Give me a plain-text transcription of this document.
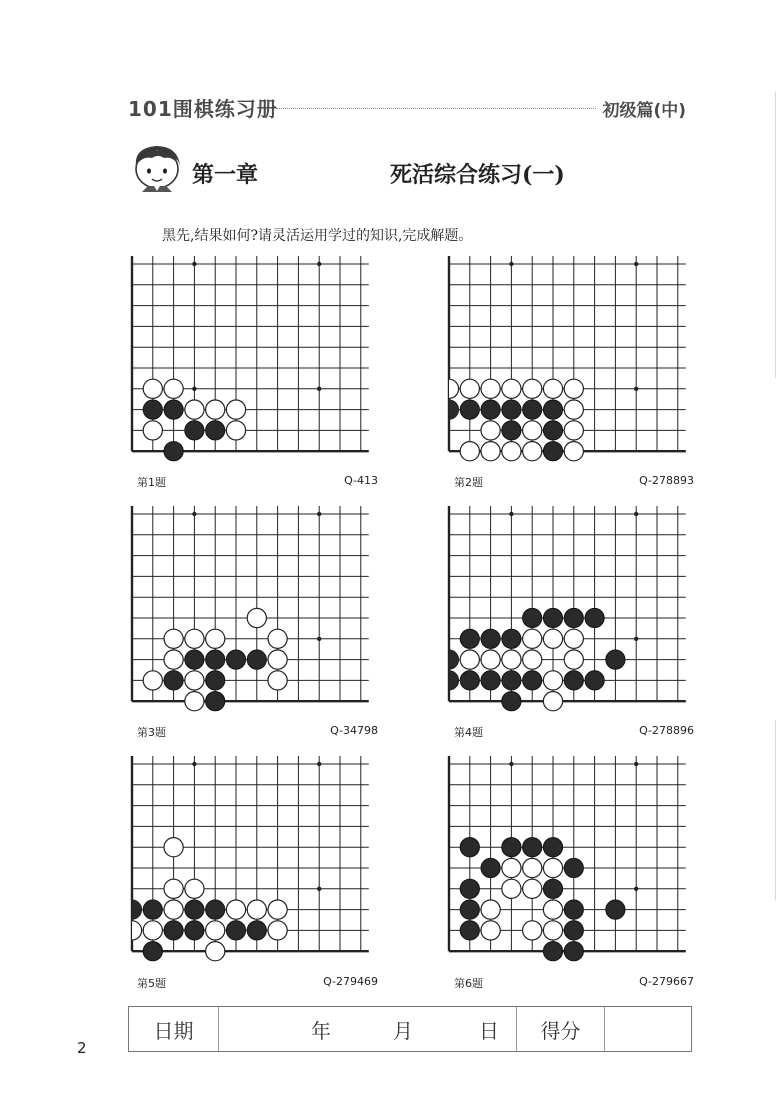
101围棋练习册	初级篇(中)
第一章	死活综合练习(一)
黑先,结果如何?请灵活运用学过的知识,完成解题。
第1题	Q-413	第2题	Q-278893
第3题	Q-34798	第4题	Q-278896
第5题	Q-279469	第6题	Q-279667
日期	年	月	日	得分
2
